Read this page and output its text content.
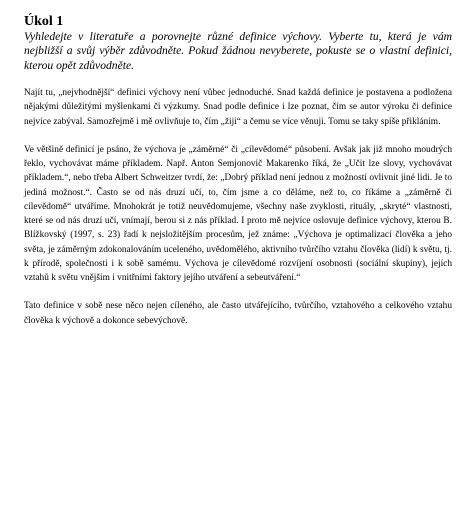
Úkol 1

Vyhledejte v literatuře a porovnejte různé definice výchovy. Vyberte tu, která je vám nejbližší a svůj výběr zdůvodněte. Pokud žádnou nevyberete, pokuste se o vlastní definici, kterou opět zdůvodněte.

Najít tu, „nejvhodnější“ definici výchovy není vůbec jednoduché. Snad každá definice je postavena a podložena nějakými důležitými myšlenkami či výzkumy. Snad podle definice i lze poznat, čím se autor výroku či definice nejvíce zabýval. Samozřejmě i mě ovlivňuje to, čím „žiji“ a čemu se více věnuji. Tomu se taky spíše přikláním.

Ve většině definicí je psáno, že výchova je „záměrné“ či „cílevědomé“ působení. Avšak jak již mnoho moudrých řeklo, vychovávat máme příkladem. Např. Anton Semjonovič Makarenko říká, že „Učit lze slovy, vychovávat příkladem.“, nebo třeba Albert Schweitzer tvrdí, že: „Dobrý příklad není jednou z možností ovlivnit jiné lidi. Je to jediná možnost.“. Často se od nás druzí učí, to, čím jsme a co děláme, než to, co říkáme a „záměrně či cílevědomě“ utváříme. Mnohokrát je totiž neuvědomujeme, všechny naše zvyklosti, rituály, „skryté“ vlastnosti, které se od nás druzí učí, vnímají, berou si z nás příklad. I proto mě nejvíce oslovuje definice výchovy, kterou B. Blížkovský (1997, s. 23) řadí k nejsložitějším procesům, jež známe: „Výchova je optimalizací člověka a jeho světa, je záměrným zdokonalováním uceleného, uvědomělého, aktivního tvůrčího vztahu člověka (lidí) k světu, tj. k přírodě, společnosti i k sobě samému. Výchova je cílevědomé rozvíjení osobnosti (sociální skupiny), jejích vztahů k světu vnějším i vnitřními faktory jejího utváření a sebeutváření.“

Tato definice v sobě nese něco nejen cíleného, ale často utvářejícího, tvůrčího, vztahového a celkového vztahu člověka k výchově a dokonce sebevýchově.
